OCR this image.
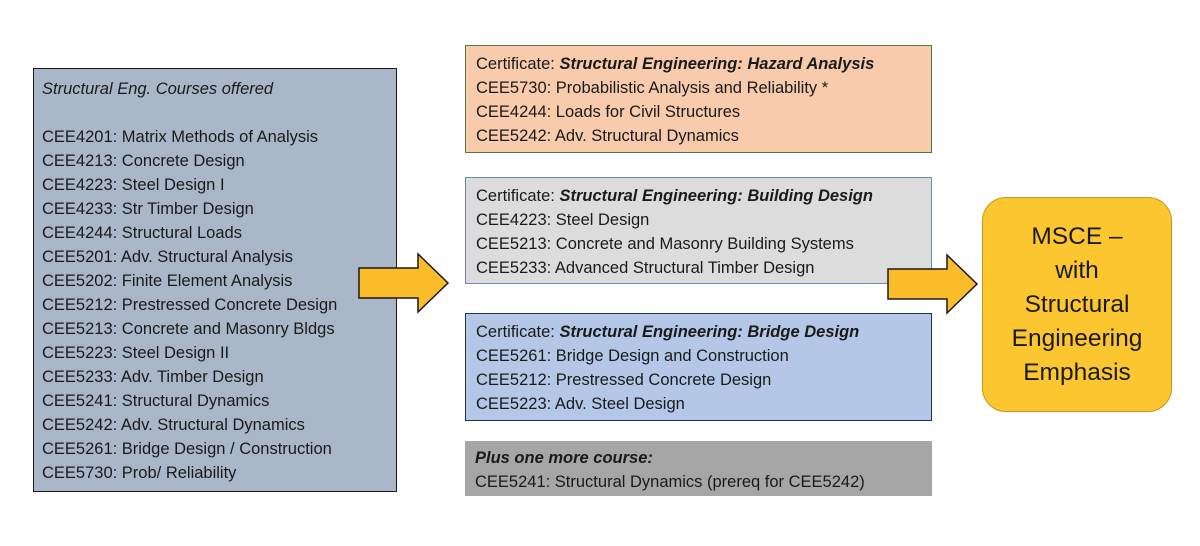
Structural Eng. Courses offered
CEE4201: Matrix Methods of Analysis
CEE4213: Concrete Design
CEE4223: Steel Design I
CEE4233: Str Timber Design
CEE4244: Structural Loads
CEE5201: Adv. Structural Analysis
CEE5202: Finite Element Analysis
CEE5212: Prestressed Concrete Design
CEE5213: Concrete and Masonry Bldgs
CEE5223: Steel Design II
CEE5233: Adv. Timber Design
CEE5241: Structural Dynamics
CEE5242: Adv. Structural Dynamics
CEE5261: Bridge Design / Construction
CEE5730: Prob/ Reliability
Certificate: Structural Engineering: Hazard Analysis
CEE5730: Probabilistic Analysis and Reliability *
CEE4244: Loads for Civil Structures
CEE5242: Adv. Structural Dynamics
Certificate: Structural Engineering: Building Design
CEE4223: Steel Design
CEE5213: Concrete and Masonry Building Systems
CEE5233: Advanced Structural Timber Design
Certificate: Structural Engineering: Bridge Design
CEE5261: Bridge Design and Construction
CEE5212: Prestressed Concrete Design
CEE5223: Adv. Steel Design
Plus one more course:
CEE5241: Structural Dynamics (prereq for CEE5242)
MSCE –
with
Structural
Engineering
Emphasis
